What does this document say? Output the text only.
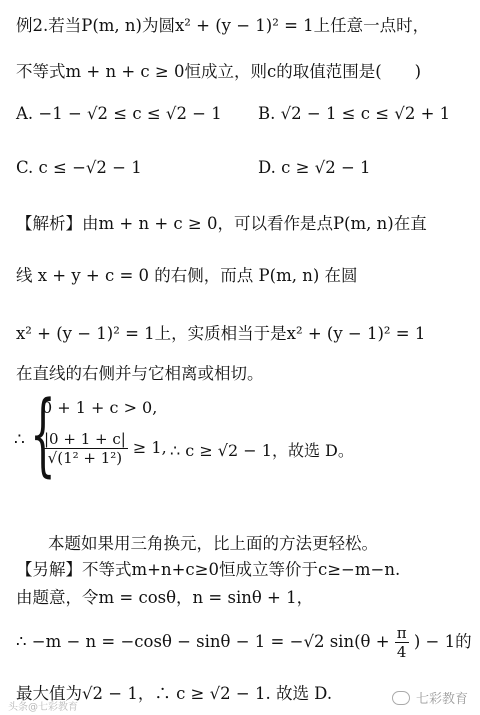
例2.若当P(m, n)为圆x² + (y − 1)² = 1上任意一点时，
不等式m + n + c ≥ 0恒成立，则c的取值范围是(　　)
A. −1 − √2 ≤ c ≤ √2 − 1 B. √2 − 1 ≤ c ≤ √2 + 1
C. c ≤ −√2 − 1	D. c ≥ √2 − 1
【解析】由m + n + c ≥ 0，可以看作是点P(m, n)在直
线 x + y + c = 0 的右侧，而点 P(m, n) 在圆
x² + (y − 1)² = 1上，实质相当于是x² + (y − 1)² = 1
在直线的右侧并与它相离或相切。
∴ {
0 + 1 + c > 0,
$\frac{|0 + 1 + c|}{\text{√(1² + 1²)}} \ge 1$, ∴ c ≥ √2 − 1，故选 D。
本题如果用三角换元，比上面的方法更轻松。
【另解】不等式m+n+c≥0恒成立等价于c≥−m−n.
由题意，令m = cosθ，n = sinθ + 1，
∴ −m − n = −cosθ − sinθ − 1 = −√2 $\sin(\theta + \frac{\pi}{4}$ ) − 1的
最大值为√2 − 1，∴ c ≥ √2 − 1. 故选 D.	七彩教育
头条@七彩教育
